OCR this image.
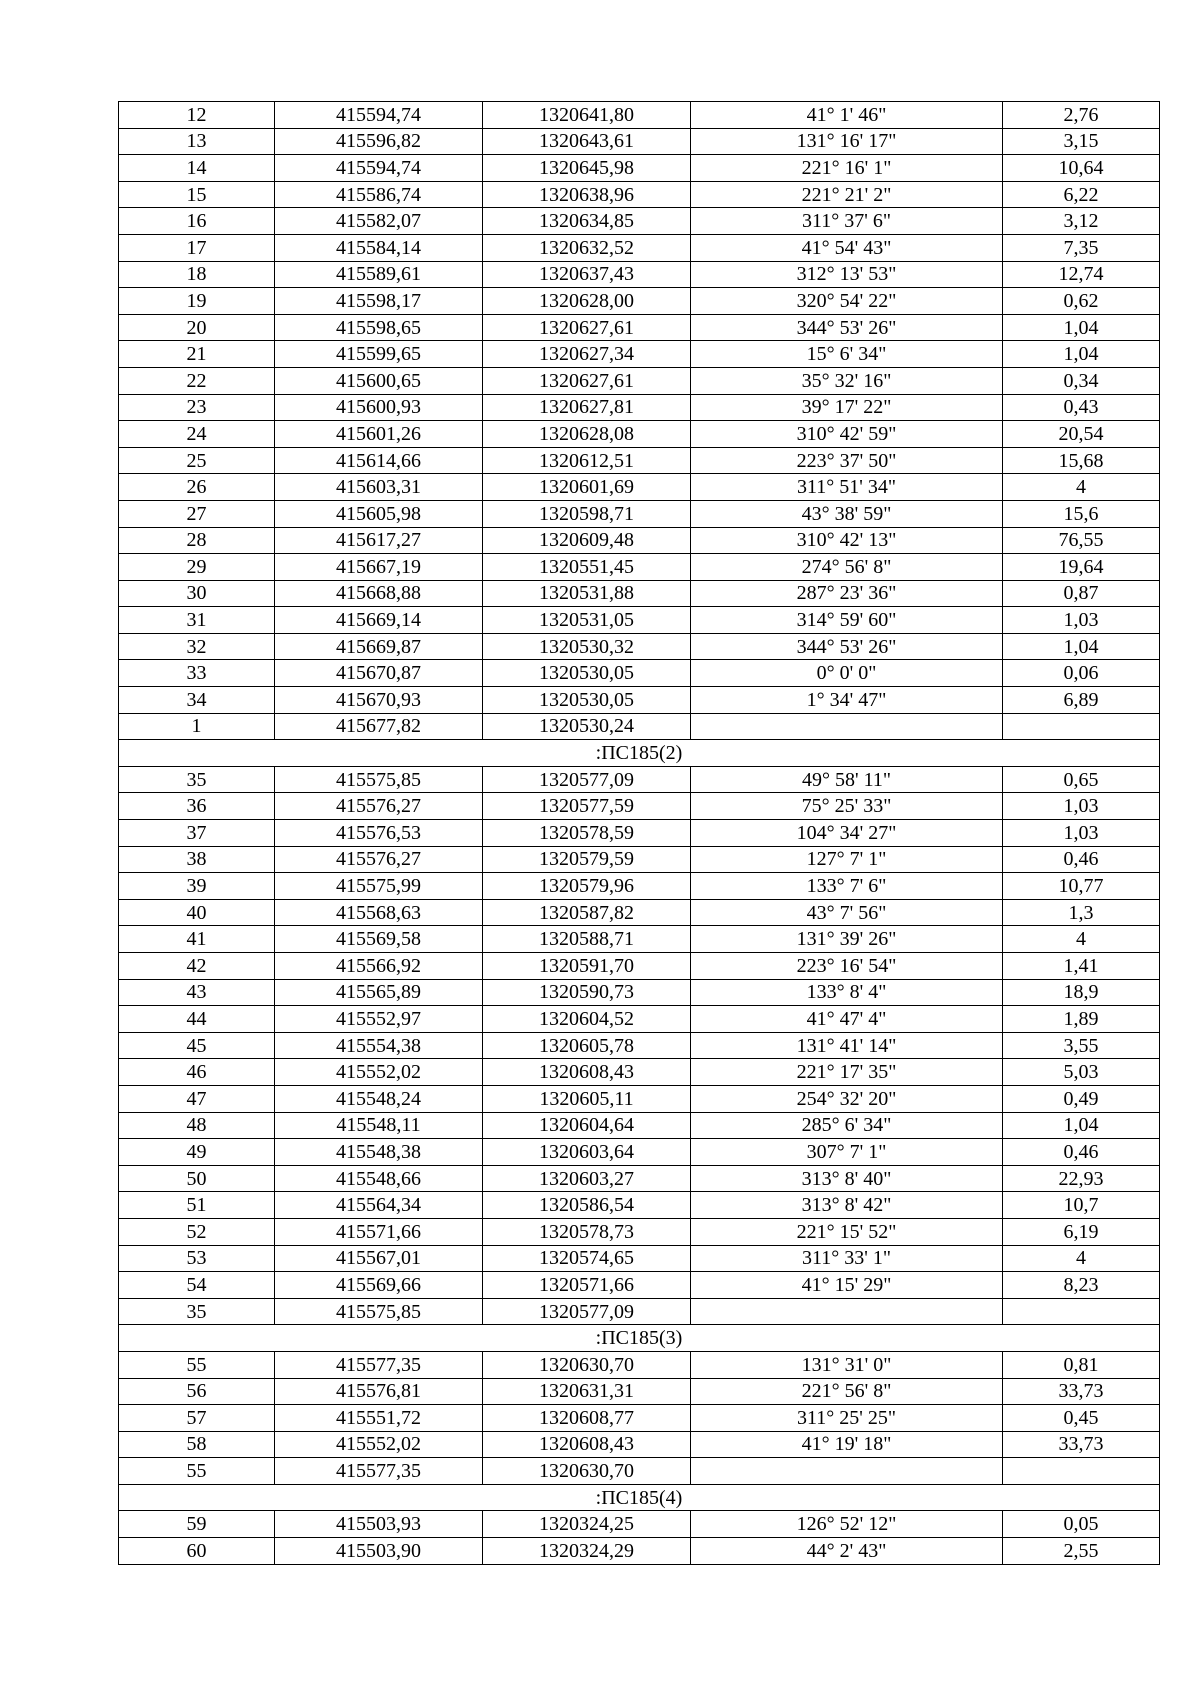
12	415594,74	1320641,80	41° 1' 46"	2,76
13	415596,82	1320643,61	131° 16' 17"	3,15
14	415594,74	1320645,98	221° 16' 1"	10,64
15	415586,74	1320638,96	221° 21' 2"	6,22
16	415582,07	1320634,85	311° 37' 6"	3,12
17	415584,14	1320632,52	41° 54' 43"	7,35
18	415589,61	1320637,43	312° 13' 53"	12,74
19	415598,17	1320628,00	320° 54' 22"	0,62
20	415598,65	1320627,61	344° 53' 26"	1,04
21	415599,65	1320627,34	15° 6' 34"	1,04
22	415600,65	1320627,61	35° 32' 16"	0,34
23	415600,93	1320627,81	39° 17' 22"	0,43
24	415601,26	1320628,08	310° 42' 59"	20,54
25	415614,66	1320612,51	223° 37' 50"	15,68
26	415603,31	1320601,69	311° 51' 34"	4
27	415605,98	1320598,71	43° 38' 59"	15,6
28	415617,27	1320609,48	310° 42' 13"	76,55
29	415667,19	1320551,45	274° 56' 8"	19,64
30	415668,88	1320531,88	287° 23' 36"	0,87
31	415669,14	1320531,05	314° 59' 60"	1,03
32	415669,87	1320530,32	344° 53' 26"	1,04
33	415670,87	1320530,05	0° 0' 0"	0,06
34	415670,93	1320530,05	1° 34' 47"	6,89
1	415677,82	1320530,24		
:ПС185(2)				
35	415575,85	1320577,09	49° 58' 11"	0,65
36	415576,27	1320577,59	75° 25' 33"	1,03
37	415576,53	1320578,59	104° 34' 27"	1,03
38	415576,27	1320579,59	127° 7' 1"	0,46
39	415575,99	1320579,96	133° 7' 6"	10,77
40	415568,63	1320587,82	43° 7' 56"	1,3
41	415569,58	1320588,71	131° 39' 26"	4
42	415566,92	1320591,70	223° 16' 54"	1,41
43	415565,89	1320590,73	133° 8' 4"	18,9
44	415552,97	1320604,52	41° 47' 4"	1,89
45	415554,38	1320605,78	131° 41' 14"	3,55
46	415552,02	1320608,43	221° 17' 35"	5,03
47	415548,24	1320605,11	254° 32' 20"	0,49
48	415548,11	1320604,64	285° 6' 34"	1,04
49	415548,38	1320603,64	307° 7' 1"	0,46
50	415548,66	1320603,27	313° 8' 40"	22,93
51	415564,34	1320586,54	313° 8' 42"	10,7
52	415571,66	1320578,73	221° 15' 52"	6,19
53	415567,01	1320574,65	311° 33' 1"	4
54	415569,66	1320571,66	41° 15' 29"	8,23
35	415575,85	1320577,09		
:ПС185(3)				
55	415577,35	1320630,70	131° 31' 0"	0,81
56	415576,81	1320631,31	221° 56' 8"	33,73
57	415551,72	1320608,77	311° 25' 25"	0,45
58	415552,02	1320608,43	41° 19' 18"	33,73
55	415577,35	1320630,70		
:ПС185(4)				
59	415503,93	1320324,25	126° 52' 12"	0,05
60	415503,90	1320324,29	44° 2' 43"	2,55
